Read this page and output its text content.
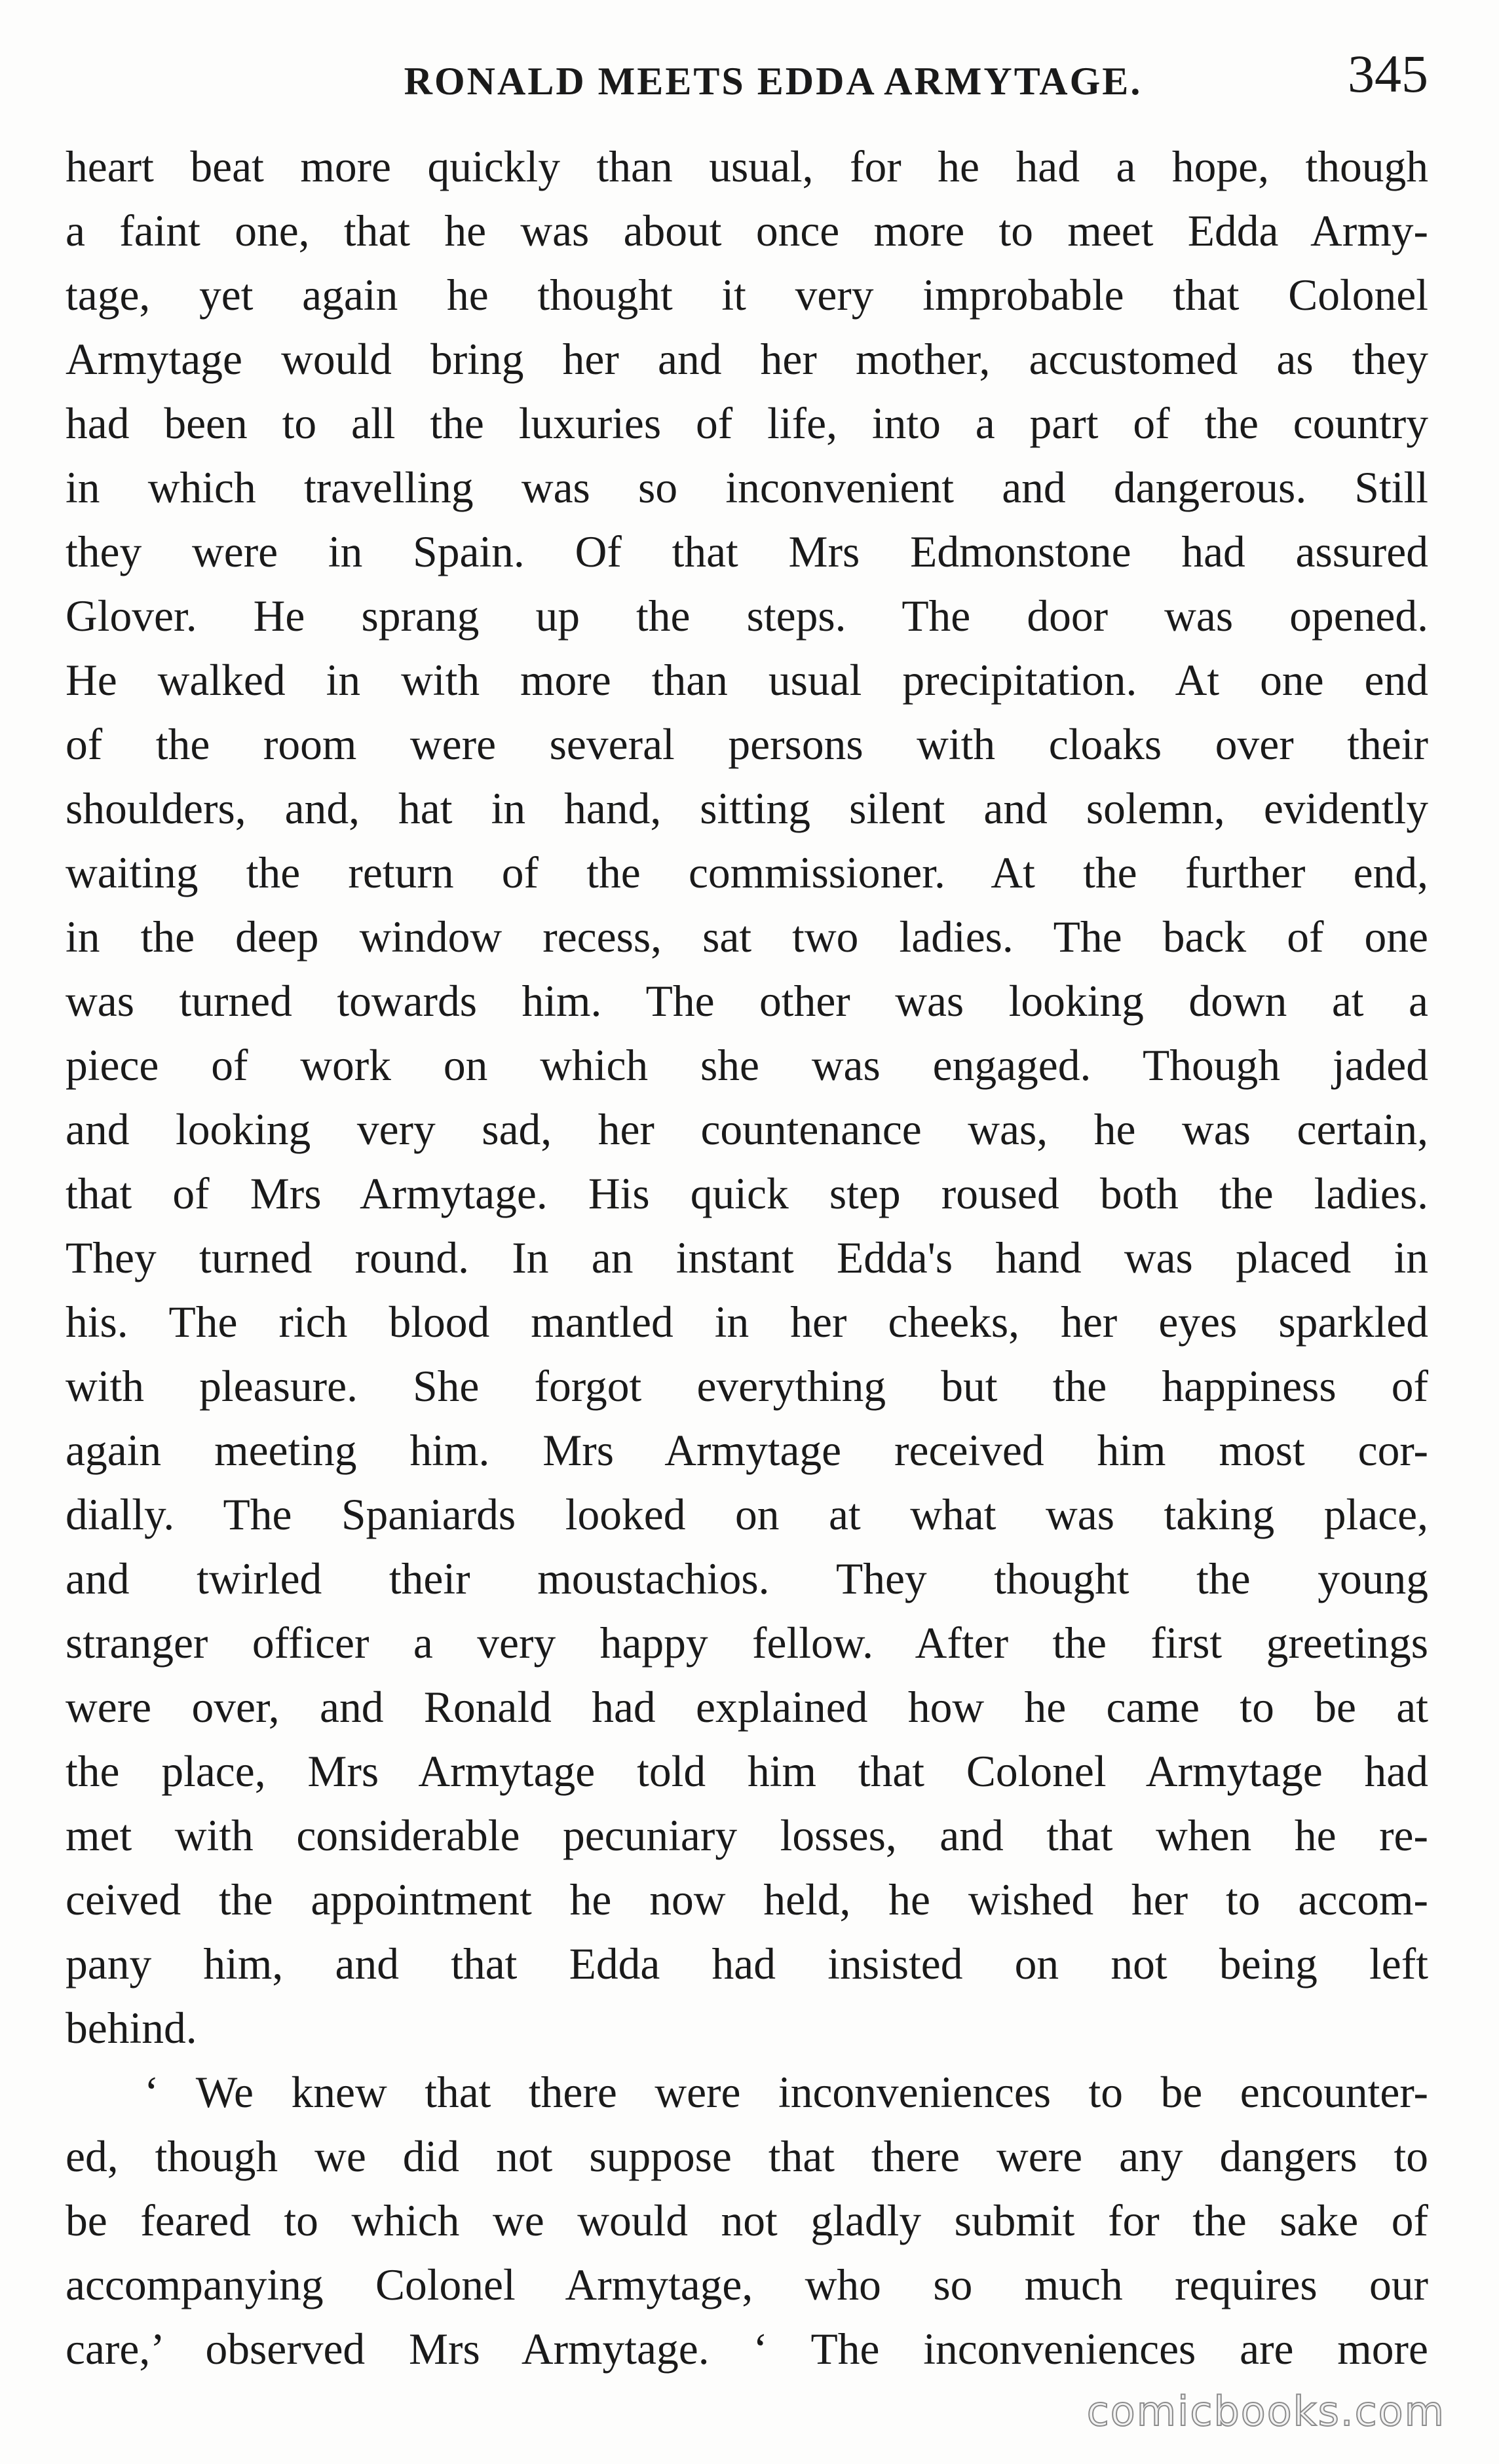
RONALD MEETS EDDA ARMYTAGE.	345
heart beat more quickly than usual, for he had a hope, though
a faint one, that he was about once more to meet Edda Army-
tage, yet again he thought it very improbable that Colonel
Armytage would bring her and her mother, accustomed as they
had been to all the luxuries of life, into a part of the country
in which travelling was so inconvenient and dangerous. Still
they were in Spain. Of that Mrs Edmonstone had assured
Glover. He sprang up the steps. The door was opened.
He walked in with more than usual precipitation. At one end
of the room were several persons with cloaks over their
shoulders, and, hat in hand, sitting silent and solemn, evidently
waiting the return of the commissioner. At the further end,
in the deep window recess, sat two ladies. The back of one
was turned towards him. The other was looking down at a
piece of work on which she was engaged. Though jaded
and looking very sad, her countenance was, he was certain,
that of Mrs Armytage. His quick step roused both the ladies.
They turned round. In an instant Edda's hand was placed in
his. The rich blood mantled in her cheeks, her eyes sparkled
with pleasure. She forgot everything but the happiness of
again meeting him. Mrs Armytage received him most cor-
dially. The Spaniards looked on at what was taking place,
and twirled their moustachios. They thought the young
stranger officer a very happy fellow. After the first greetings
were over, and Ronald had explained how he came to be at
the place, Mrs Armytage told him that Colonel Armytage had
met with considerable pecuniary losses, and that when he re-
ceived the appointment he now held, he wished her to accom-
pany him, and that Edda had insisted on not being left
behind.
‘ We knew that there were inconveniences to be encounter-
ed, though we did not suppose that there were any dangers to
be feared to which we would not gladly submit for the sake of
accompanying Colonel Armytage, who so much requires our
care,’ observed Mrs Armytage. ‘ The inconveniences are more
comicbooks.com
